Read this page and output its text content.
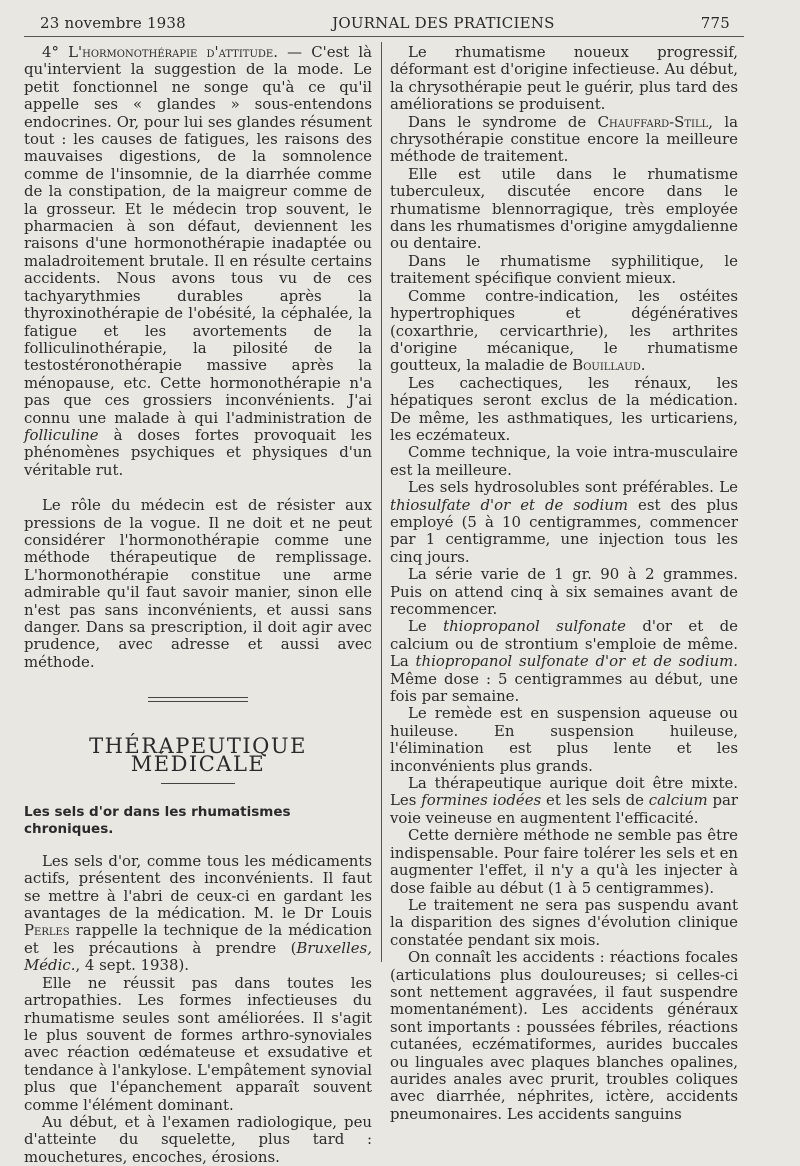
23 novembre 1938	JOURNAL DES PRATICIENS	775

4° L'hormonothérapie d'attitude. — C'est là qu'intervient la suggestion de la mode. Le petit fonctionnel ne songe qu'à ce qu'il appelle ses « glandes » sous-entendons endocrines. Or, pour lui ses glandes résument tout : les causes de fatigues, les raisons des mauvaises digestions, de la somnolence comme de l'insomnie, de la diarrhée comme de la constipation, de la maigreur comme de la grosseur. Et le médecin trop souvent, le pharmacien à son défaut, deviennent les raisons d'une hormonothérapie inadaptée ou maladroitement brutale. Il en résulte certains accidents. Nous avons tous vu de ces tachyarythmies durables après la thyroxinothérapie de l'obésité, la céphalée, la fatigue et les avortements de la folliculinothérapie, la pilosité de la testostéronothérapie massive après la ménopause, etc. Cette hormonothérapie n'a pas que ces grossiers inconvénients. J'ai connu une malade à qui l'administration de folliculine à doses fortes provoquait les phénomènes psychiques et physiques d'un véritable rut.

Le rôle du médecin est de résister aux pressions de la vogue. Il ne doit et ne peut considérer l'hormonothérapie comme une méthode thérapeutique de remplissage. L'hormonothérapie constitue une arme admirable qu'il faut savoir manier, sinon elle n'est pas sans inconvénients, et aussi sans danger. Dans sa prescription, il doit agir avec prudence, avec adresse et aussi avec méthode.

THÉRAPEUTIQUE MÉDICALE
Les sels d'or dans les rhumatismes chroniques.

Les sels d'or, comme tous les médicaments actifs, présentent des inconvénients. Il faut se mettre à l'abri de ceux-ci en gardant les avantages de la médication. M. le Dr Louis Perles rappelle la technique de la médication et les précautions à prendre (Bruxelles, Médic., 4 sept. 1938).

Elle ne réussit pas dans toutes les artropathies. Les formes infectieuses du rhumatisme seules sont améliorées. Il s'agit le plus souvent de formes arthro-synoviales avec réaction œdémateuse et exsudative et tendance à l'ankylose. L'empâtement synovial plus que l'épanchement apparaît souvent comme l'élément dominant.

Au début, et à l'examen radiologique, peu d'atteinte du squelette, plus tard : mouchetures, encoches, érosions.

Le rhumatisme noueux progressif, déformant est d'origine infectieuse. Au début, la chrysothérapie peut le guérir, plus tard des améliorations se produisent.

Dans le syndrome de Chauffard-Still, la chrysothérapie constitue encore la meilleure méthode de traitement.

Elle est utile dans le rhumatisme tuberculeux, discutée encore dans le rhumatisme blennorragique, très employée dans les rhumatismes d'origine amygdalienne ou dentaire.

Dans le rhumatisme syphilitique, le traitement spécifique convient mieux.

Comme contre-indication, les ostéites hypertrophiques et dégénératives (coxarthrie, cervicarthrie), les arthrites d'origine mécanique, le rhumatisme goutteux, la maladie de Bouillaud.

Les cachectiques, les rénaux, les hépatiques seront exclus de la médication. De même, les asthmatiques, les urticariens, les eczémateux.

Comme technique, la voie intra-musculaire est la meilleure.

Les sels hydrosolubles sont préférables. Le thiosulfate d'or et de sodium est des plus employé (5 à 10 centigrammes, commencer par 1 centigramme, une injection tous les cinq jours.

La série varie de 1 gr. 90 à 2 grammes. Puis on attend cinq à six semaines avant de recommencer.

Le thiopropanol sulfonate d'or et de calcium ou de strontium s'emploie de même. La thiopropanol sulfonate d'or et de sodium. Même dose : 5 centigrammes au début, une fois par semaine.

Le remède est en suspension aqueuse ou huileuse. En suspension huileuse, l'élimination est plus lente et les inconvénients plus grands.

La thérapeutique aurique doit être mixte. Les formines iodées et les sels de calcium par voie veineuse en augmentent l'efficacité.

Cette dernière méthode ne semble pas être indispensable. Pour faire tolérer les sels et en augmenter l'effet, il n'y a qu'à les injecter à dose faible au début (1 à 5 centigrammes).

Le traitement ne sera pas suspendu avant la disparition des signes d'évolution clinique constatée pendant six mois.

On connaît les accidents : réactions focales (articulations plus douloureuses; si celles-ci sont nettement aggravées, il faut suspendre momentanément). Les accidents généraux sont importants : poussées fébriles, réactions cutanées, eczématiformes, aurides buccales ou linguales avec plaques blanches opalines, aurides anales avec prurit, troubles coliques avec diarrhée, néphrites, ictère, accidents pneumonaires. Les accidents sanguins
